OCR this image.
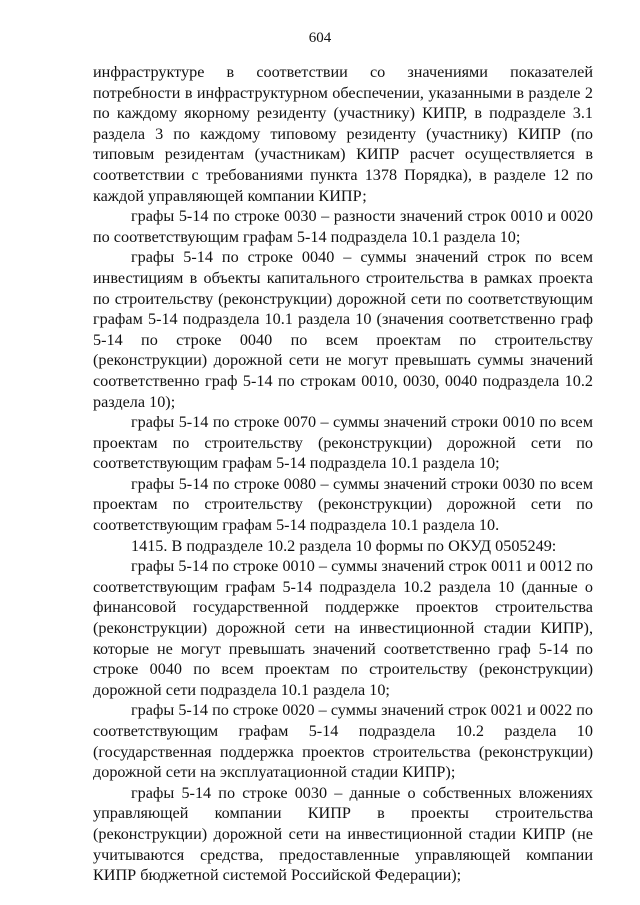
604

инфраструктуре в соответствии со значениями показателей потребности в инфраструктурном обеспечении, указанными в разделе 2 по каждому якорному резиденту (участнику) КИПР, в подразделе 3.1 раздела 3 по каждому типовому резиденту (участнику) КИПР (по типовым резидентам (участникам) КИПР расчет осуществляется в соответствии с требованиями пункта 1378 Порядка), в разделе 12 по каждой управляющей компании КИПР;

графы 5-14 по строке 0030 – разности значений строк 0010 и 0020 по соответствующим графам 5-14 подраздела 10.1 раздела 10;

графы 5-14 по строке 0040 – суммы значений строк по всем инвестициям в объекты капитального строительства в рамках проекта по строительству (реконструкции) дорожной сети по соответствующим графам 5-14 подраздела 10.1 раздела 10 (значения соответственно граф 5-14 по строке 0040 по всем проектам по строительству (реконструкции) дорожной сети не могут превышать суммы значений соответственно граф 5-14 по строкам 0010, 0030, 0040 подраздела 10.2 раздела 10);

графы 5-14 по строке 0070 – суммы значений строки 0010 по всем проектам по строительству (реконструкции) дорожной сети по соответствующим графам 5-14 подраздела 10.1 раздела 10;

графы 5-14 по строке 0080 – суммы значений строки 0030 по всем проектам по строительству (реконструкции) дорожной сети по соответствующим графам 5-14 подраздела 10.1 раздела 10.

1415. В подразделе 10.2 раздела 10 формы по ОКУД 0505249:

графы 5-14 по строке 0010 – суммы значений строк 0011 и 0012 по соответствующим графам 5-14 подраздела 10.2 раздела 10 (данные о финансовой государственной поддержке проектов строительства (реконструкции) дорожной сети на инвестиционной стадии КИПР), которые не могут превышать значений соответственно граф 5-14 по строке 0040 по всем проектам по строительству (реконструкции) дорожной сети подраздела 10.1 раздела 10;

графы 5-14 по строке 0020 – суммы значений строк 0021 и 0022 по соответствующим графам 5-14 подраздела 10.2 раздела 10 (государственная поддержка проектов строительства (реконструкции) дорожной сети на эксплуатационной стадии КИПР);

графы 5-14 по строке 0030 – данные о собственных вложениях управляющей компании КИПР в проекты строительства (реконструкции) дорожной сети на инвестиционной стадии КИПР (не учитываются средства, предоставленные управляющей компании КИПР бюджетной системой Российской Федерации);
